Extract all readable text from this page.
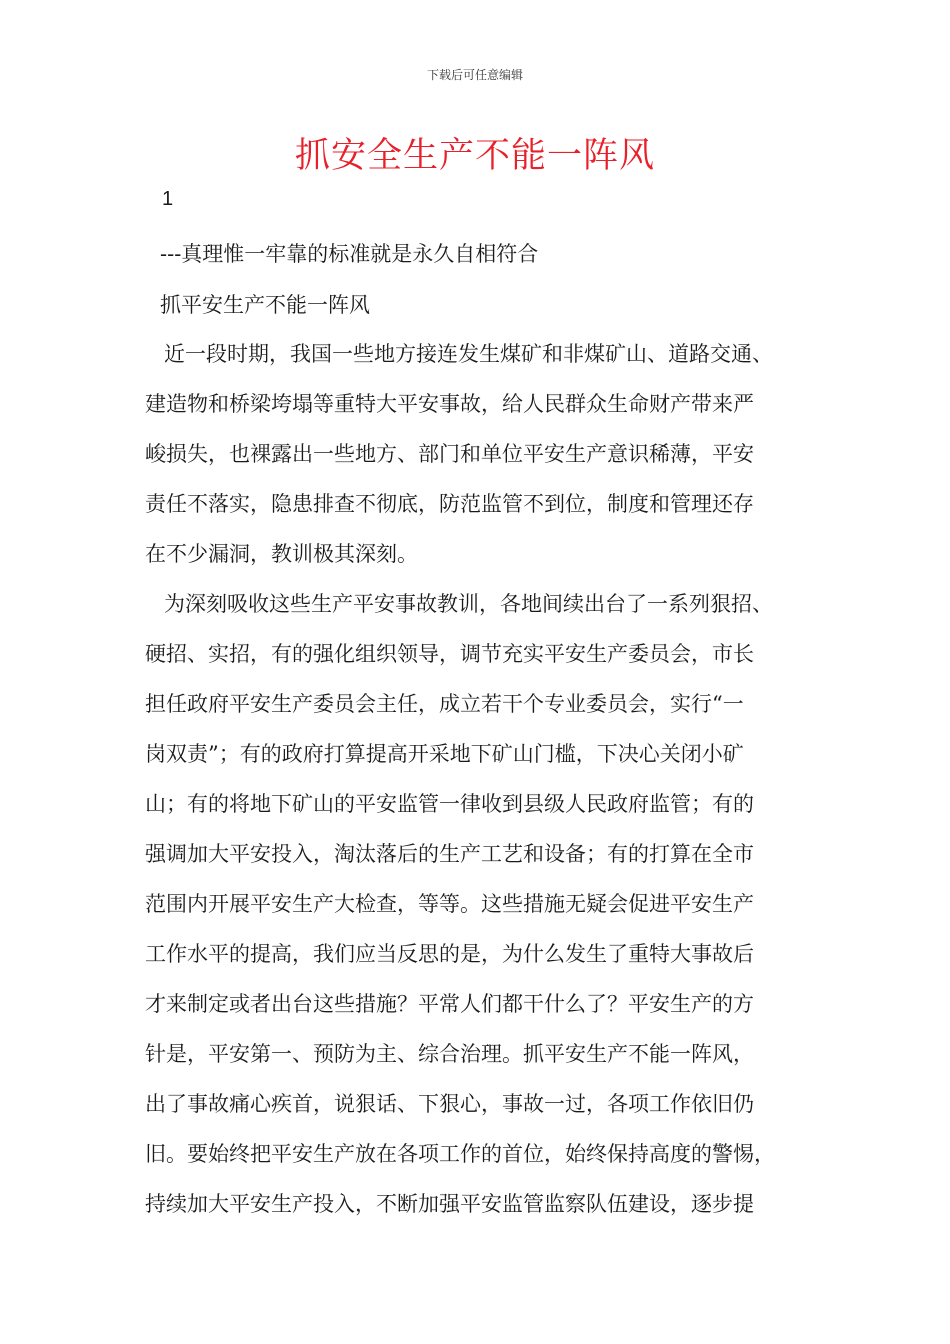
下载后可任意编辑
抓安全生产不能一阵风
1
---真理惟一牢靠的标准就是永久自相符合
抓平安生产不能一阵风
近一段时期，我国一些地方接连发生煤矿和非煤矿山、道路交通、
建造物和桥梁垮塌等重特大平安事故，给人民群众生命财产带来严
峻损失，也裸露出一些地方、部门和单位平安生产意识稀薄，平安
责任不落实，隐患排查不彻底，防范监管不到位，制度和管理还存
在不少漏洞，教训极其深刻。
为深刻吸收这些生产平安事故教训，各地间续出台了一系列狠招、
硬招、实招，有的强化组织领导，调节充实平安生产委员会，市长
担任政府平安生产委员会主任，成立若干个专业委员会，实行“一
岗双责”；有的政府打算提高开采地下矿山门槛，下决心关闭小矿
山；有的将地下矿山的平安监管一律收到县级人民政府监管；有的
强调加大平安投入，淘汰落后的生产工艺和设备；有的打算在全市
范围内开展平安生产大检查，等等。这些措施无疑会促进平安生产
工作水平的提高，我们应当反思的是，为什么发生了重特大事故后
才来制定或者出台这些措施？平常人们都干什么了？平安生产的方
针是，平安第一、预防为主、综合治理。抓平安生产不能一阵风，
出了事故痛心疾首，说狠话、下狠心，事故一过，各项工作依旧仍
旧。要始终把平安生产放在各项工作的首位，始终保持高度的警惕，
持续加大平安生产投入，不断加强平安监管监察队伍建设，逐步提
